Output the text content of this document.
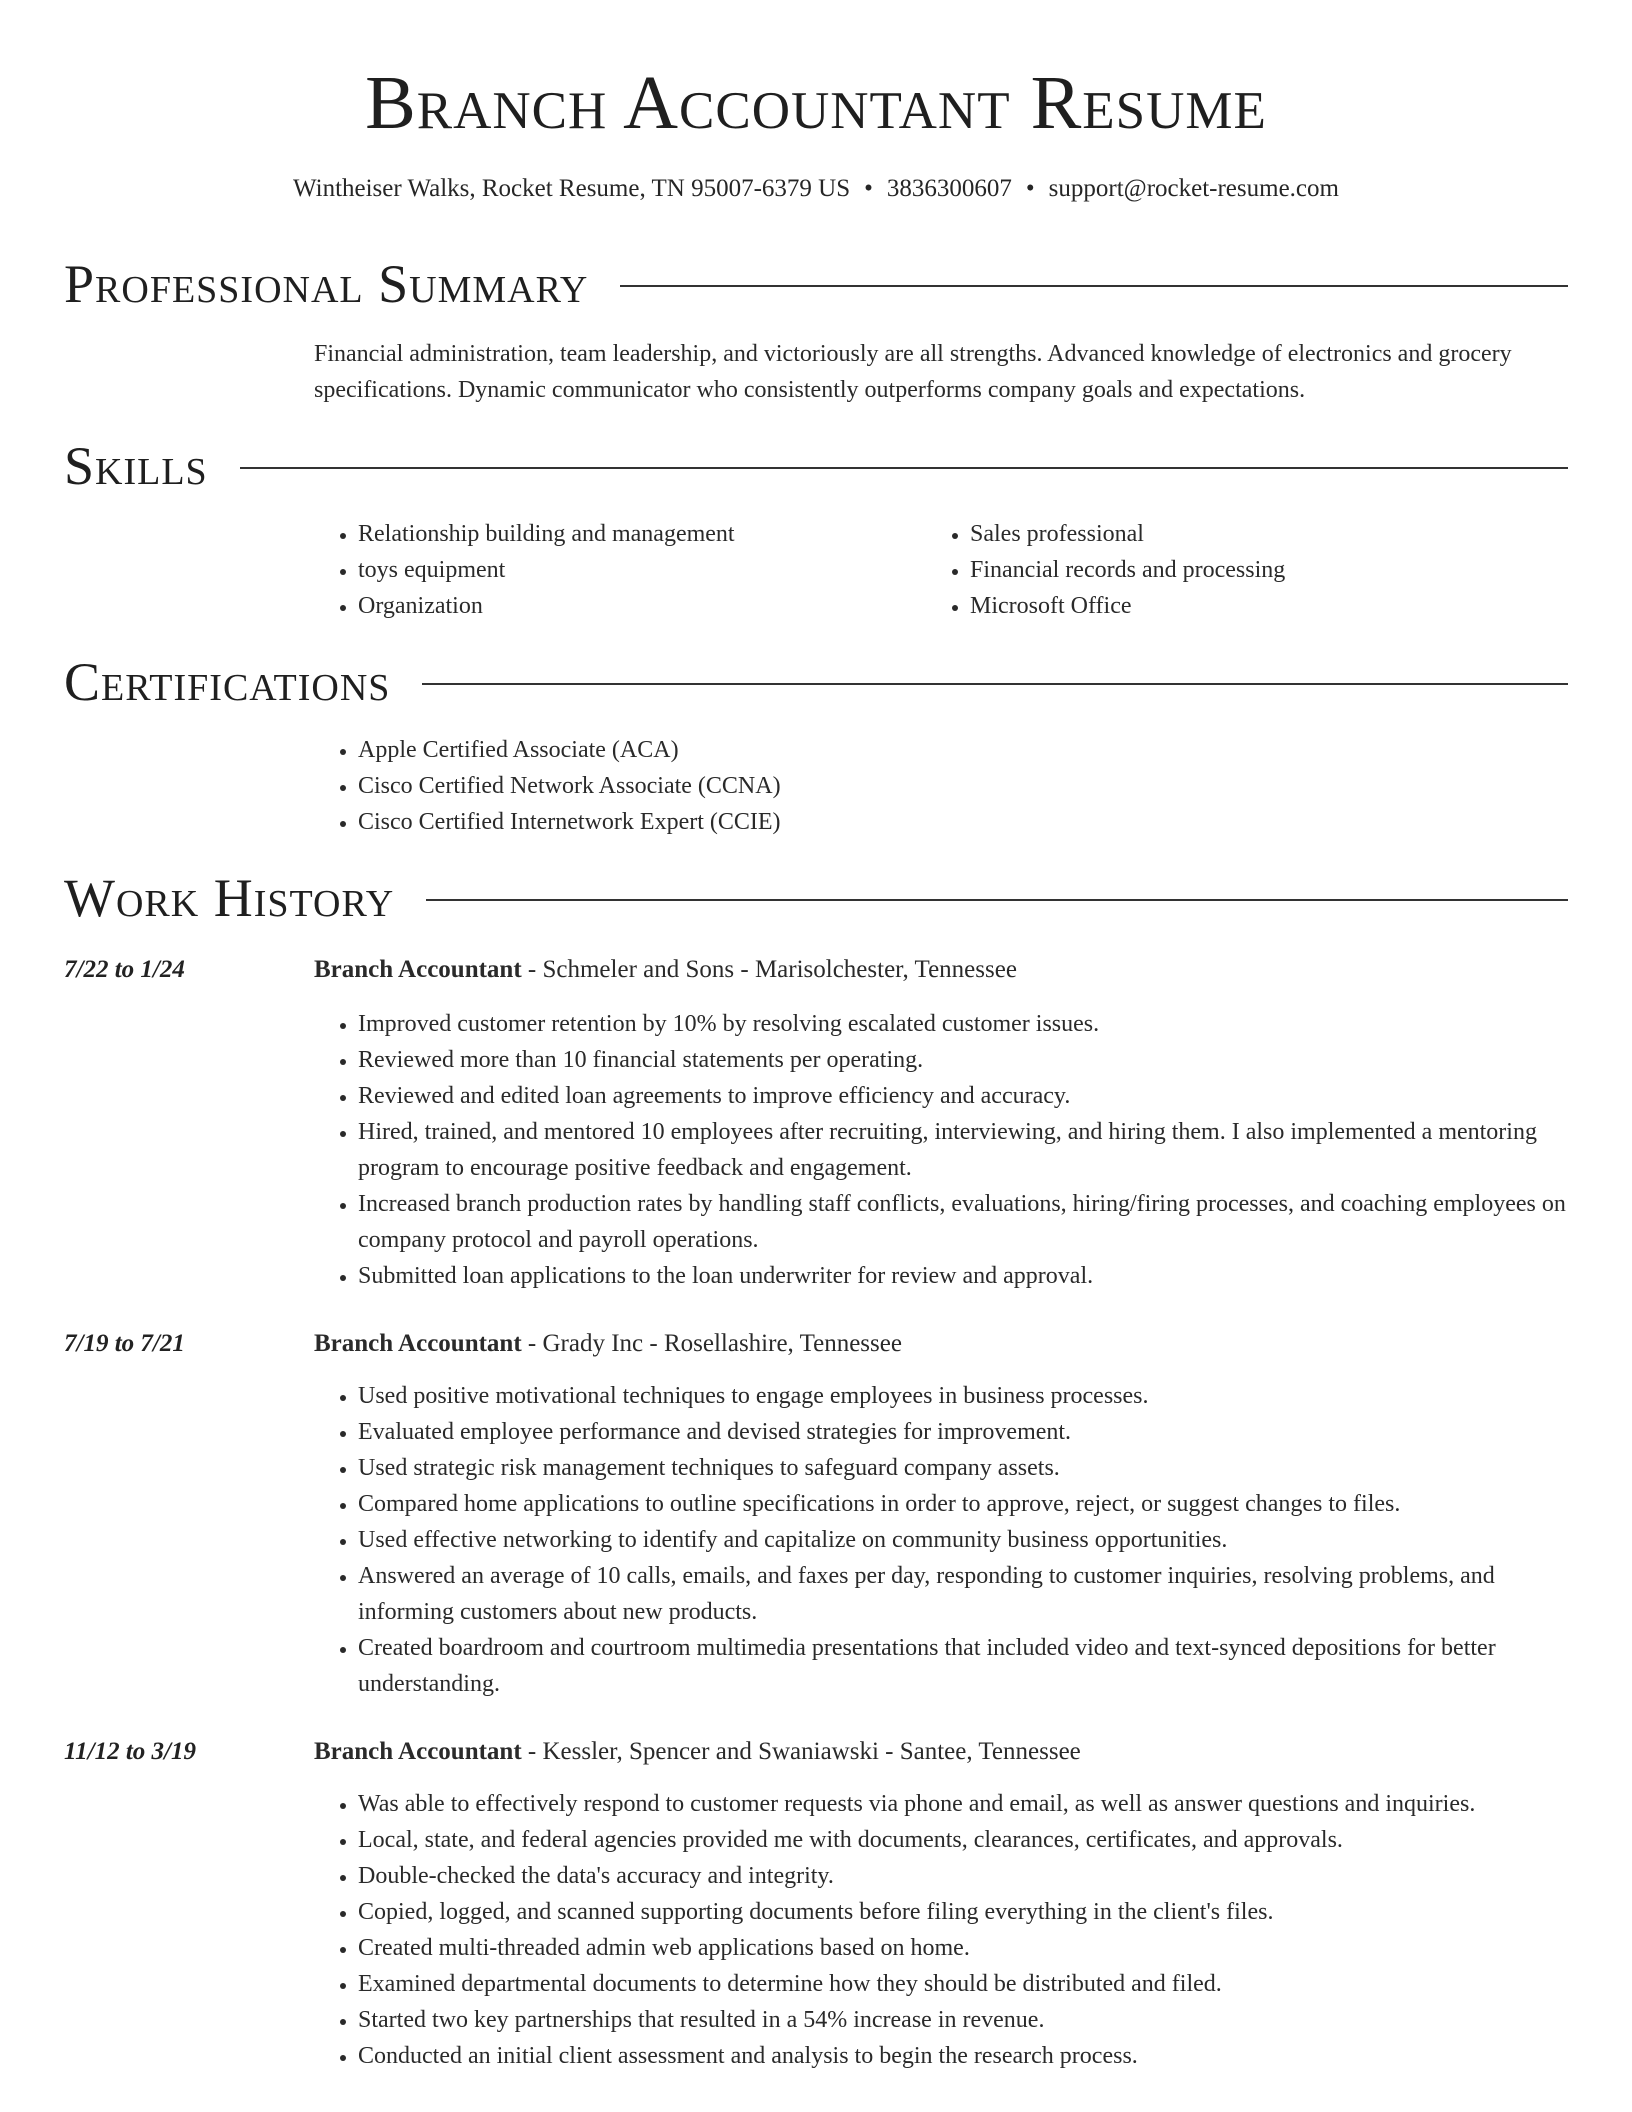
Branch Accountant Resume
Wintheiser Walks, Rocket Resume, TN 95007-6379 US • 3836300607 • support@rocket-resume.com
Professional Summary
Financial administration, team leadership, and victoriously are all strengths. Advanced knowledge of electronics and grocery specifications. Dynamic communicator who consistently outperforms company goals and expectations.
Skills
• Relationship building and management
• toys equipment
• Organization
• Sales professional
• Financial records and processing
• Microsoft Office
Certifications
• Apple Certified Associate (ACA)
• Cisco Certified Network Associate (CCNA)
• Cisco Certified Internetwork Expert (CCIE)
Work History
7/22 to 1/24	Branch Accountant - Schmeler and Sons - Marisolchester, Tennessee
• Improved customer retention by 10% by resolving escalated customer issues.
• Reviewed more than 10 financial statements per operating.
• Reviewed and edited loan agreements to improve efficiency and accuracy.
• Hired, trained, and mentored 10 employees after recruiting, interviewing, and hiring them. I also implemented a mentoring program to encourage positive feedback and engagement.
• Increased branch production rates by handling staff conflicts, evaluations, hiring/firing processes, and coaching employees on company protocol and payroll operations.
• Submitted loan applications to the loan underwriter for review and approval.
7/19 to 7/21	Branch Accountant - Grady Inc - Rosellashire, Tennessee
• Used positive motivational techniques to engage employees in business processes.
• Evaluated employee performance and devised strategies for improvement.
• Used strategic risk management techniques to safeguard company assets.
• Compared home applications to outline specifications in order to approve, reject, or suggest changes to files.
• Used effective networking to identify and capitalize on community business opportunities.
• Answered an average of 10 calls, emails, and faxes per day, responding to customer inquiries, resolving problems, and informing customers about new products.
• Created boardroom and courtroom multimedia presentations that included video and text-synced depositions for better understanding.
11/12 to 3/19	Branch Accountant - Kessler, Spencer and Swaniawski - Santee, Tennessee
• Was able to effectively respond to customer requests via phone and email, as well as answer questions and inquiries.
• Local, state, and federal agencies provided me with documents, clearances, certificates, and approvals.
• Double-checked the data's accuracy and integrity.
• Copied, logged, and scanned supporting documents before filing everything in the client's files.
• Created multi-threaded admin web applications based on home.
• Examined departmental documents to determine how they should be distributed and filed.
• Started two key partnerships that resulted in a 54% increase in revenue.
• Conducted an initial client assessment and analysis to begin the research process.
